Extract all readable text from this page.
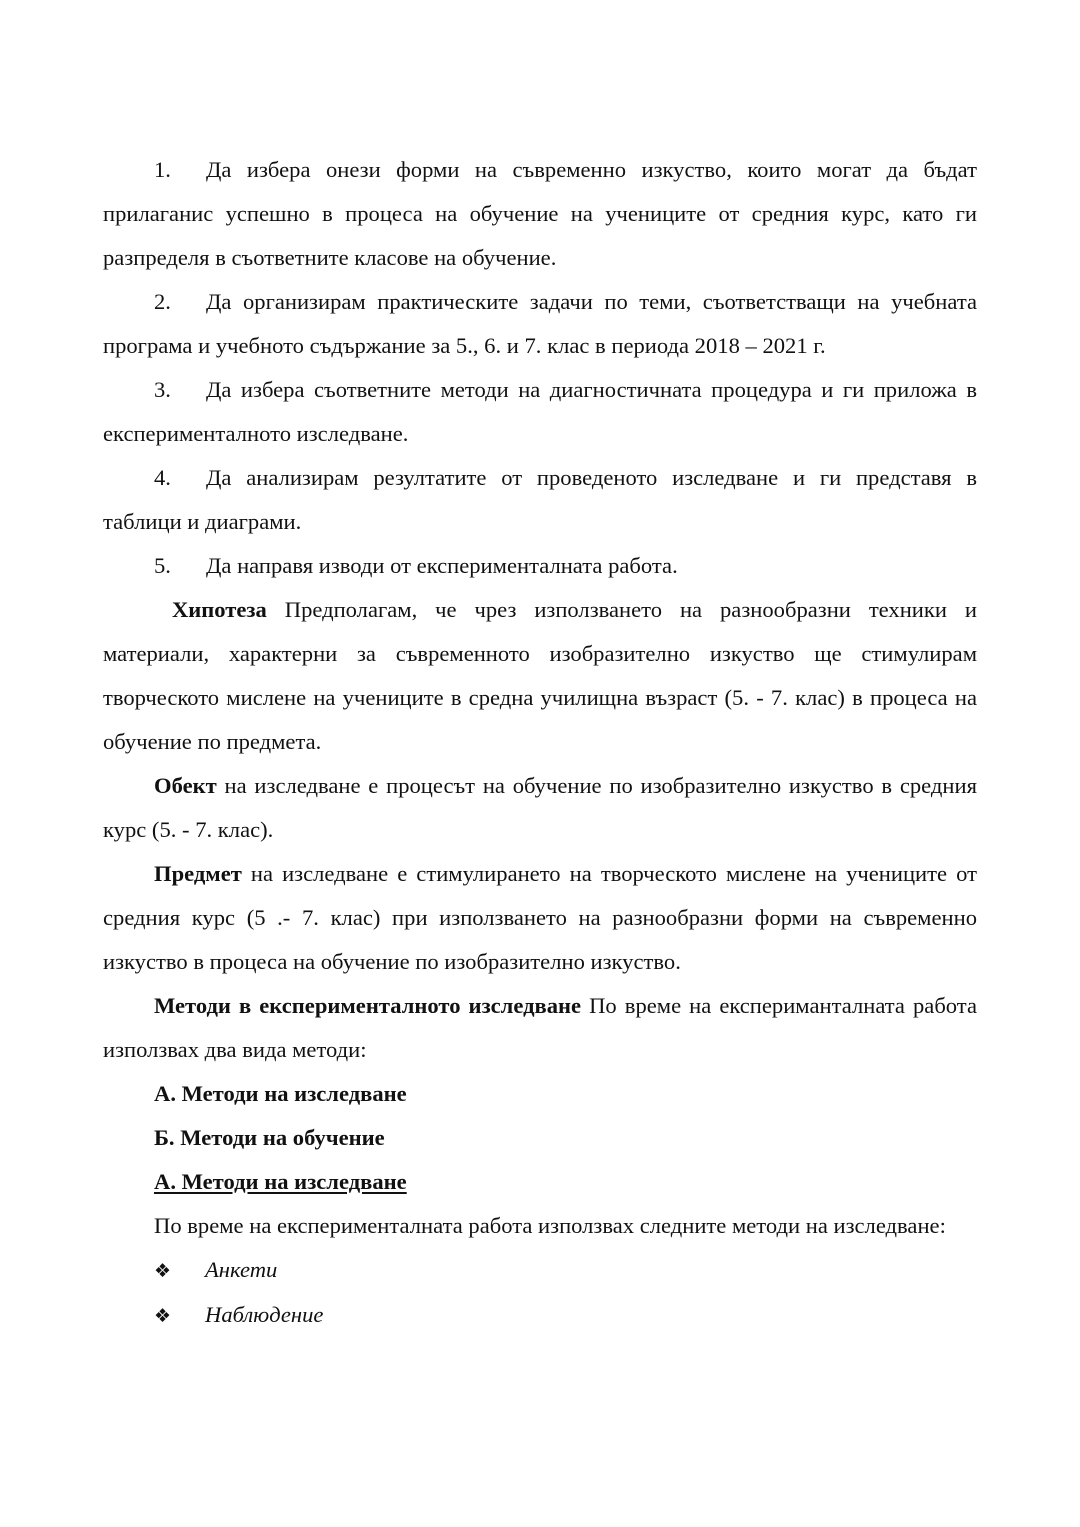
1. Да избера онези форми на съвременно изкуство, които могат да бъдат прилаганис успешно в процеса на обучение на учениците от средния курс, като ги разпределя в съответните класове на обучение.

2. Да организирам практическите задачи по теми, съответстващи на учебната програма и учебното съдържание за 5., 6. и 7. клас в периода 2018 – 2021 г.

3. Да избера съответните методи на диагностичната процедура и ги приложа в експерименталното изследване.

4. Да анализирам резултатите от проведеното изследване и ги представя в таблици и диаграми.

5. Да направя изводи от експерименталната работа.

Хипотеза Предполагам, че чрез използването на разнообразни техники и материали, характерни за съвременното изобразително изкуство ще стимулирам творческото мислене на учениците в средна училищна възраст (5. - 7. клас) в процеса на обучение по предмета.

Обект на изследване е процесът на обучение по изобразително изкуство в средния курс (5. - 7. клас).

Предмет на изследване е стимулирането на творческото мислене на учениците от средния курс (5 .- 7. клас) при използването на разнообразни форми на съвременно изкуство в процеса на обучение по изобразително изкуство.

Методи в експерименталното изследване По време на експериманталната работа използвах два вида методи:

А. Методи на изследване

Б. Методи на обучение

А. Методи на изследване

По време на експерименталната работа използвах следните методи на изследване:

❖ Анкети

❖ Наблюдение
